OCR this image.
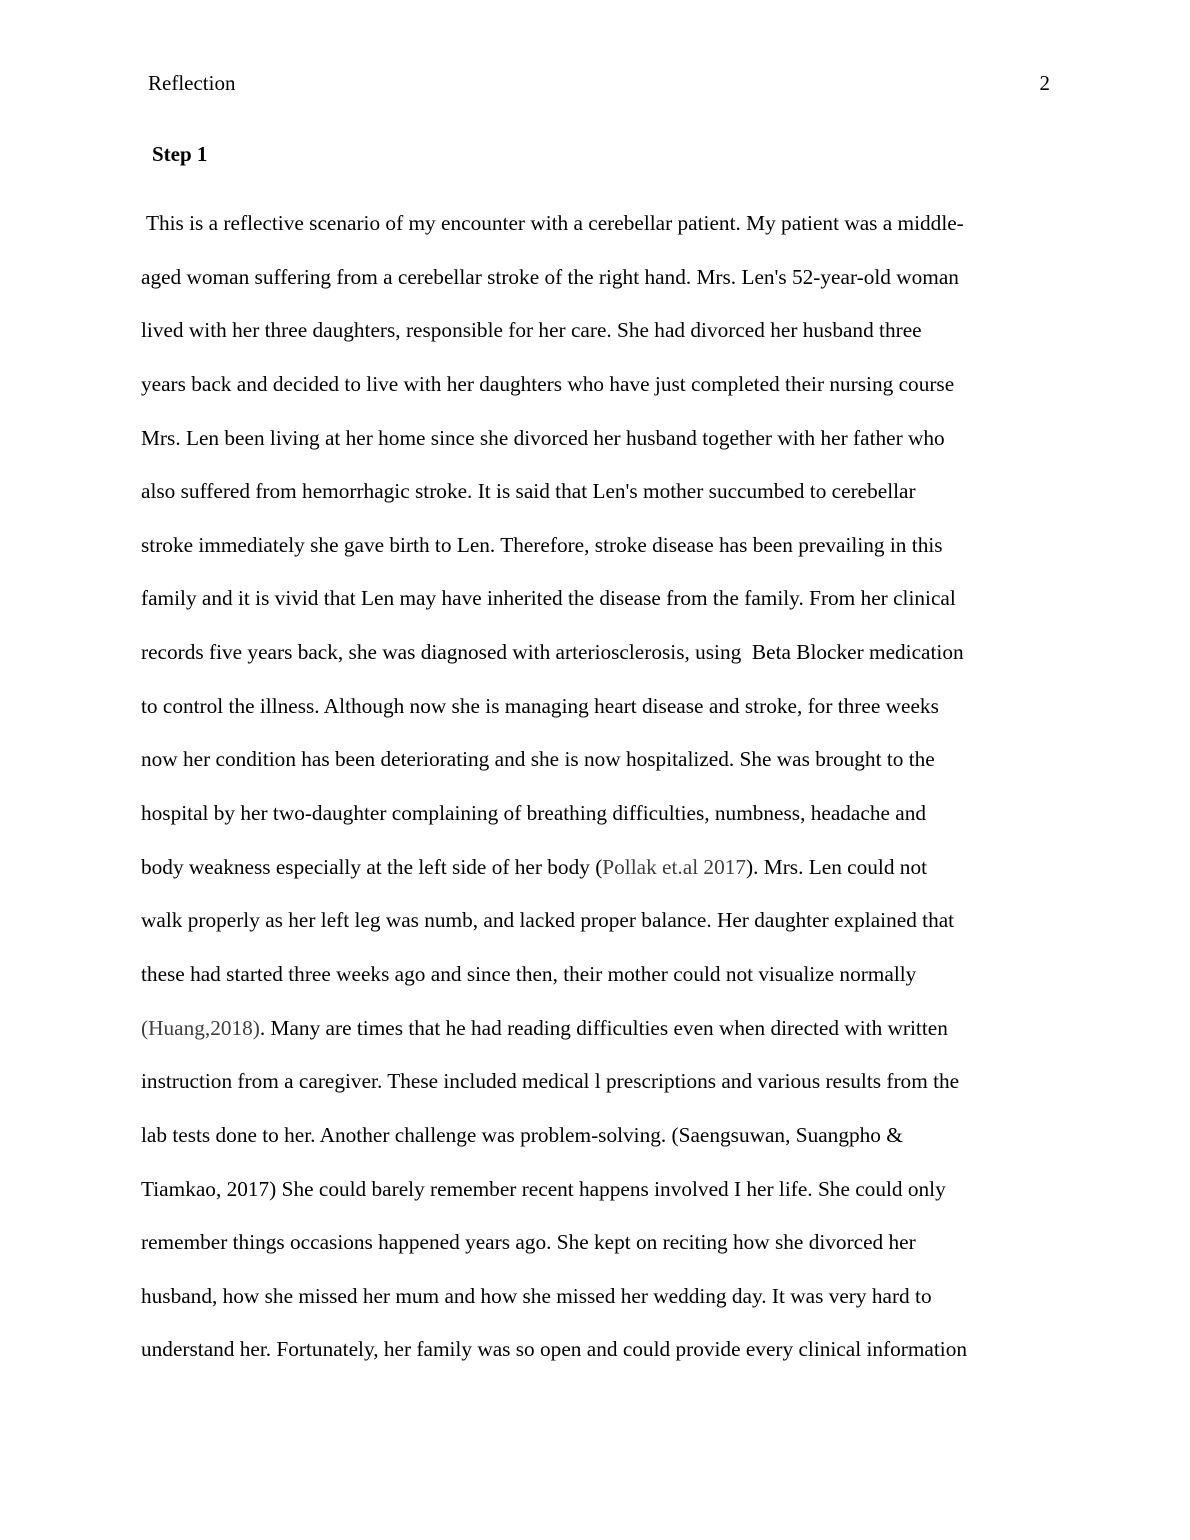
Reflection	2
Step 1
This is a reflective scenario of my encounter with a cerebellar patient. My patient was a middle-
aged woman suffering from a cerebellar stroke of the right hand. Mrs. Len's 52-year-old woman
lived with her three daughters, responsible for her care. She had divorced her husband three
years back and decided to live with her daughters who have just completed their nursing course
Mrs. Len been living at her home since she divorced her husband together with her father who
also suffered from hemorrhagic stroke. It is said that Len's mother succumbed to cerebellar
stroke immediately she gave birth to Len. Therefore, stroke disease has been prevailing in this
family and it is vivid that Len may have inherited the disease from the family. From her clinical
records five years back, she was diagnosed with arteriosclerosis, using  Beta Blocker medication
to control the illness. Although now she is managing heart disease and stroke, for three weeks
now her condition has been deteriorating and she is now hospitalized. She was brought to the
hospital by her two-daughter complaining of breathing difficulties, numbness, headache and
body weakness especially at the left side of her body (Pollak et.al 2017). Mrs. Len could not
walk properly as her left leg was numb, and lacked proper balance. Her daughter explained that
these had started three weeks ago and since then, their mother could not visualize normally
(Huang,2018). Many are times that he had reading difficulties even when directed with written
instruction from a caregiver. These included medical l prescriptions and various results from the
lab tests done to her. Another challenge was problem-solving. (Saengsuwan, Suangpho &
Tiamkao, 2017) She could barely remember recent happens involved I her life. She could only
remember things occasions happened years ago. She kept on reciting how she divorced her
husband, how she missed her mum and how she missed her wedding day. It was very hard to
understand her. Fortunately, her family was so open and could provide every clinical information
